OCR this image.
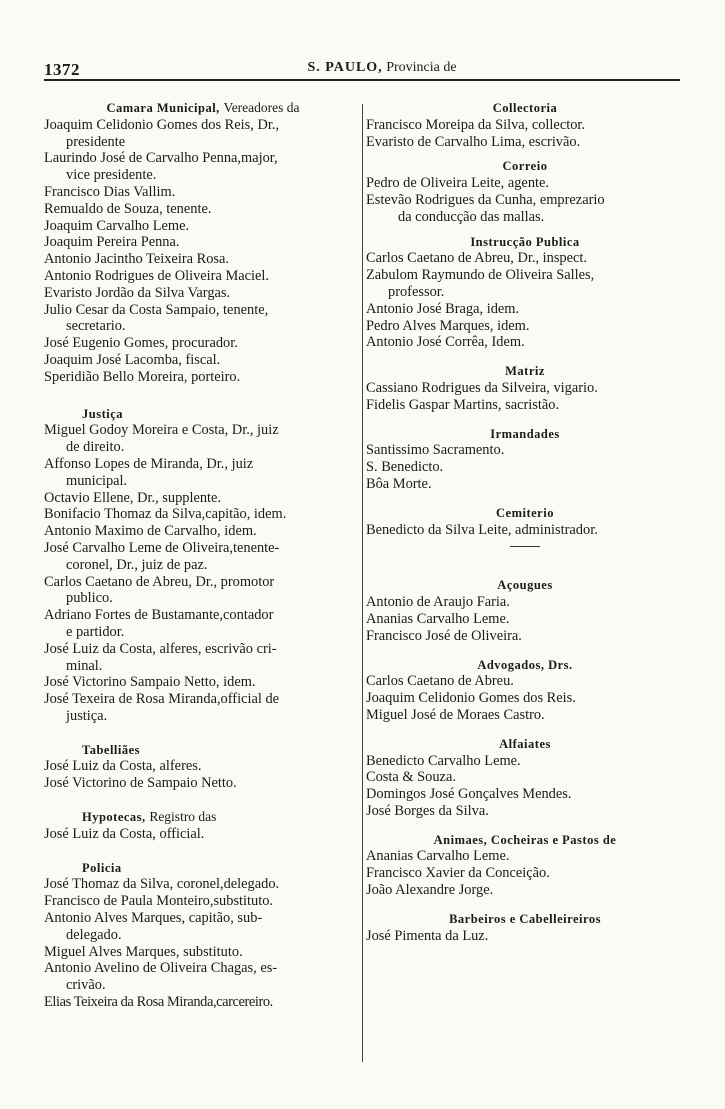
1372	S. PAULO, Provincia de
Camara Municipal, Vereadores da
Joaquim Celidonio Gomes dos Reis, Dr.,
presidente
Laurindo José de Carvalho Penna,major,
vice presidente.
Francisco Dias Vallim.
Remualdo de Souza, tenente.
Joaquim Carvalho Leme.
Joaquim Pereira Penna.
Antonio Jacintho Teixeira Rosa.
Antonio Rodrigues de Oliveira Maciel.
Evaristo Jordão da Silva Vargas.
Julio Cesar da Costa Sampaio, tenente,
secretario.
José Eugenio Gomes, procurador.
Joaquim José Lacomba, fiscal.
Speridião Bello Moreira, porteiro.
Justiça
Miguel Godoy Moreira e Costa, Dr., juiz
de direito.
Affonso Lopes de Miranda, Dr., juiz
municipal.
Octavio Ellene, Dr., supplente.
Bonifacio Thomaz da Silva,capitão, idem.
Antonio Maximo de Carvalho, idem.
José Carvalho Leme de Oliveira,tenente-
coronel, Dr., juiz de paz.
Carlos Caetano de Abreu, Dr., promotor
publico.
Adriano Fortes de Bustamante,contador
e partidor.
José Luiz da Costa, alferes, escrivão cri-
minal.
José Victorino Sampaio Netto, idem.
José Texeira de Rosa Miranda,official de
justiça.
Tabelliães
José Luiz da Costa, alferes.
José Victorino de Sampaio Netto.
Hypotecas, Registro das
José Luiz da Costa, official.
Policia
José Thomaz da Silva, coronel,delegado.
Francisco de Paula Monteiro,substituto.
Antonio Alves Marques, capitão, sub-
delegado.
Miguel Alves Marques, substituto.
Antonio Avelino de Oliveira Chagas, es-
crivão.
Elias Teixeira da Rosa Miranda,carcereiro.
Collectoria
Francisco Moreipa da Silva, collector.
Evaristo de Carvalho Lima, escrivão.
Correio
Pedro de Oliveira Leite, agente.
Estevão Rodrigues da Cunha, emprezario
da conducção das mallas.
Instrucção Publica
Carlos Caetano de Abreu, Dr., inspect.
Zabulom Raymundo de Oliveira Salles,
professor.
Antonio José Braga, idem.
Pedro Alves Marques, idem.
Antonio José Corrêa, Idem.
Matriz
Cassiano Rodrigues da Silveira, vigario.
Fidelis Gaspar Martins, sacristão.
Irmandades
Santissimo Sacramento.
S. Benedicto.
Bôa Morte.
Cemiterio
Benedicto da Silva Leite, administrador.
Açougues
Antonio de Araujo Faria.
Ananias Carvalho Leme.
Francisco José de Oliveira.
Advogados, Drs.
Carlos Caetano de Abreu.
Joaquim Celidonio Gomes dos Reis.
Miguel José de Moraes Castro.
Alfaiates
Benedicto Carvalho Leme.
Costa & Souza.
Domingos José Gonçalves Mendes.
José Borges da Silva.
Animaes, Cocheiras e Pastos de
Ananias Carvalho Leme.
Francisco Xavier da Conceição.
João Alexandre Jorge.
Barbeiros e Cabelleireiros
José Pimenta da Luz.
